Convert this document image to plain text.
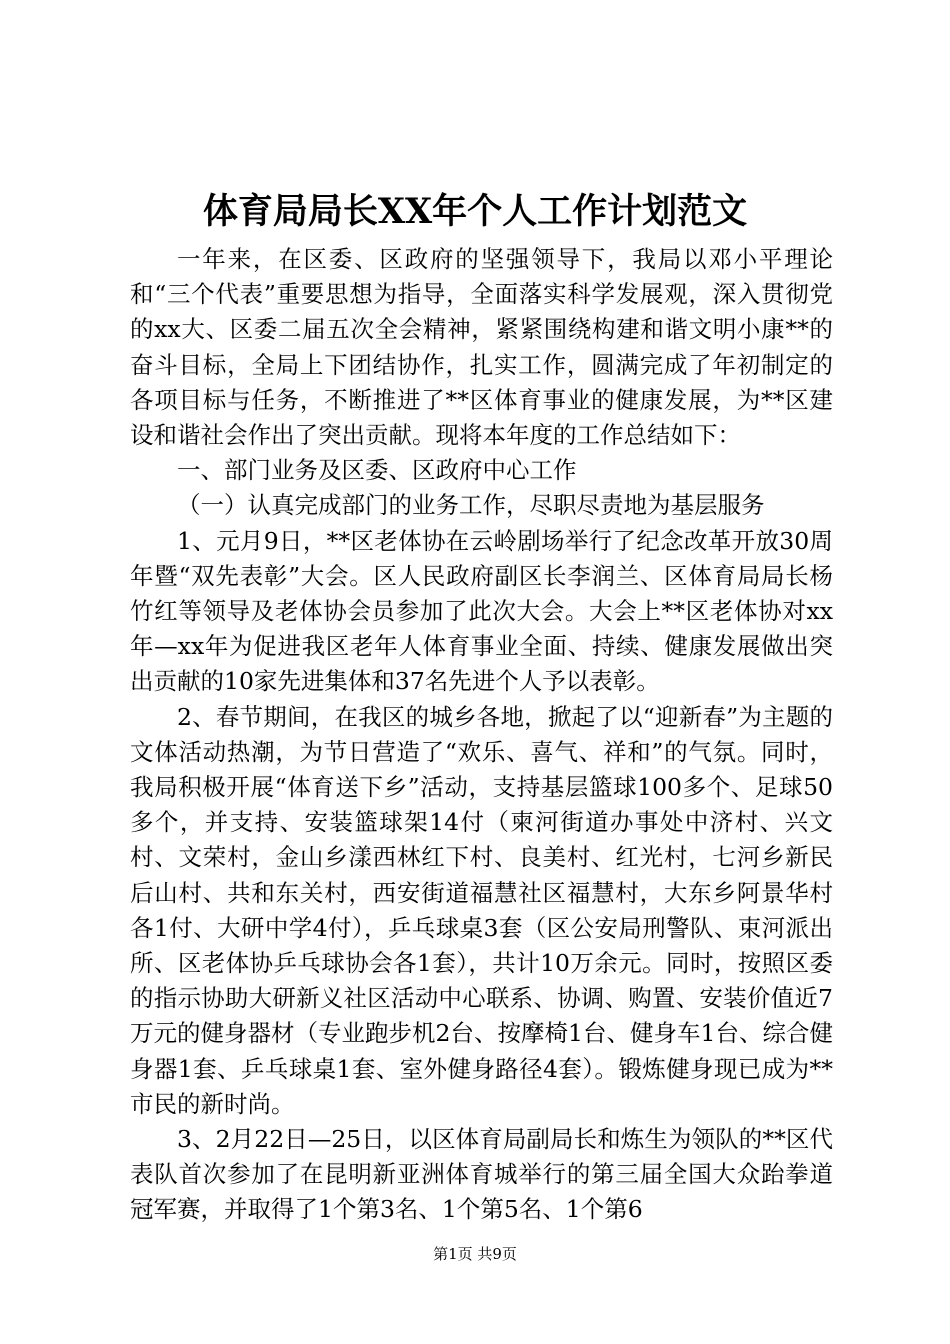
体育局局长XX年个人工作计划范文

一年来，在区委、区政府的坚强领导下，我局以邓小平理论和“三个代表”重要思想为指导，全面落实科学发展观，深入贯彻党的xx大、区委二届五次全会精神，紧紧围绕构建和谐文明小康**的奋斗目标，全局上下团结协作，扎实工作，圆满完成了年初制定的各项目标与任务，不断推进了**区体育事业的健康发展，为**区建设和谐社会作出了突出贡献。现将本年度的工作总结如下：

一、部门业务及区委、区政府中心工作

（一）认真完成部门的业务工作，尽职尽责地为基层服务

1、元月9日，**区老体协在云岭剧场举行了纪念改革开放30周年暨“双先表彰”大会。区人民政府副区长李润兰、区体育局局长杨竹红等领导及老体协会员参加了此次大会。大会上**区老体协对xx年—xx年为促进我区老年人体育事业全面、持续、健康发展做出突出贡献的10家先进集体和37名先进个人予以表彰。

2、春节期间，在我区的城乡各地，掀起了以“迎新春”为主题的文体活动热潮，为节日营造了“欢乐、喜气、祥和”的气氛。同时，我局积极开展“体育送下乡”活动，支持基层篮球100多个、足球50多个，并支持、安装篮球架14付（柬河街道办事处中济村、兴文村、文荣村，金山乡漾西林红下村、良美村、红光村，七河乡新民后山村、共和东关村，西安街道福慧社区福慧村，大东乡阿景华村各1付、大研中学4付），乒乓球桌3套（区公安局刑警队、束河派出所、区老体协乒乓球协会各1套），共计10万余元。同时，按照区委的指示协助大研新义社区活动中心联系、协调、购置、安装价值近7万元的健身器材（专业跑步机2台、按摩椅1台、健身车1台、综合健身器1套、乒乓球桌1套、室外健身路径4套）。锻炼健身现已成为**市民的新时尚。

3、2月22日—25日，以区体育局副局长和炼生为领队的**区代表队首次参加了在昆明新亚洲体育城举行的第三届全国大众跆拳道冠军赛，并取得了1个第3名、1个第5名、1个第6

第1页 共9页
